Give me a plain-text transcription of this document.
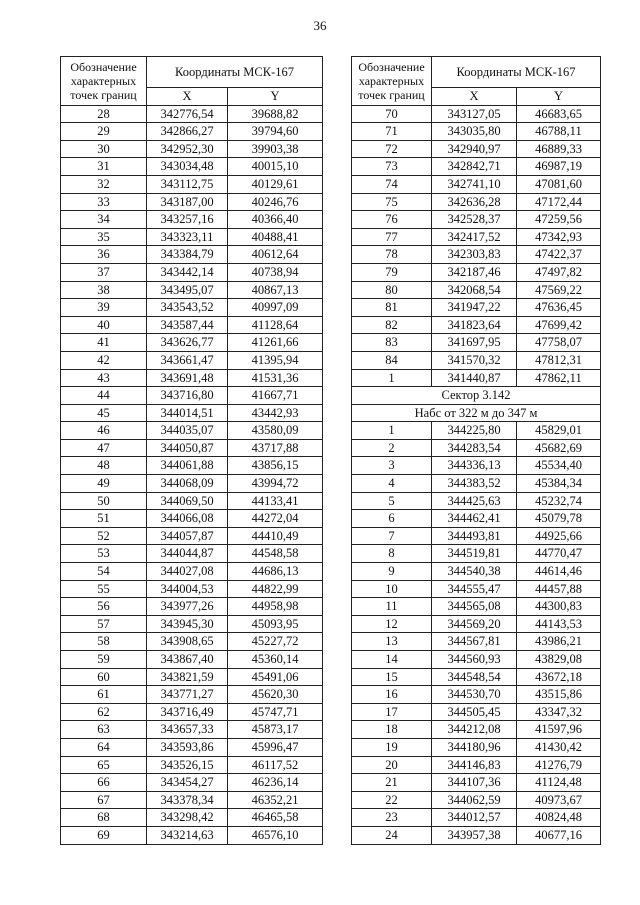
36
Обозначение характерных точек границ	Координаты МСК-167	
	X	Y
28	342776,54	39688,82
29	342866,27	39794,60
30	342952,30	39903,38
31	343034,48	40015,10
32	343112,75	40129,61
33	343187,00	40246,76
34	343257,16	40366,40
35	343323,11	40488,41
36	343384,79	40612,64
37	343442,14	40738,94
38	343495,07	40867,13
39	343543,52	40997,09
40	343587,44	41128,64
41	343626,77	41261,66
42	343661,47	41395,94
43	343691,48	41531,36
44	343716,80	41667,71
45	344014,51	43442,93
46	344035,07	43580,09
47	344050,87	43717,88
48	344061,88	43856,15
49	344068,09	43994,72
50	344069,50	44133,41
51	344066,08	44272,04
52	344057,87	44410,49
53	344044,87	44548,58
54	344027,08	44686,13
55	344004,53	44822,99
56	343977,26	44958,98
57	343945,30	45093,95
58	343908,65	45227,72
59	343867,40	45360,14
60	343821,59	45491,06
61	343771,27	45620,30
62	343716,49	45747,71
63	343657,33	45873,17
64	343593,86	45996,47
65	343526,15	46117,52
66	343454,27	46236,14
67	343378,34	46352,21
68	343298,42	46465,58
69	343214,63	46576,10
Обозначение характерных точек границ	Координаты МСК-167	
	X	Y
70	343127,05	46683,65
71	343035,80	46788,11
72	342940,97	46889,33
73	342842,71	46987,19
74	342741,10	47081,60
75	342636,28	47172,44
76	342528,37	47259,56
77	342417,52	47342,93
78	342303,83	47422,37
79	342187,46	47497,82
80	342068,54	47569,22
81	341947,22	47636,45
82	341823,64	47699,42
83	341697,95	47758,07
84	341570,32	47812,31
1	341440,87	47862,11
Сектор 3.142		
Набс от 322 м до 347 м		
1	344225,80	45829,01
2	344283,54	45682,69
3	344336,13	45534,40
4	344383,52	45384,34
5	344425,63	45232,74
6	344462,41	45079,78
7	344493,81	44925,66
8	344519,81	44770,47
9	344540,38	44614,46
10	344555,47	44457,88
11	344565,08	44300,83
12	344569,20	44143,53
13	344567,81	43986,21
14	344560,93	43829,08
15	344548,54	43672,18
16	344530,70	43515,86
17	344505,45	43347,32
18	344212,08	41597,96
19	344180,96	41430,42
20	344146,83	41276,79
21	344107,36	41124,48
22	344062,59	40973,67
23	344012,57	40824,48
24	343957,38	40677,16
